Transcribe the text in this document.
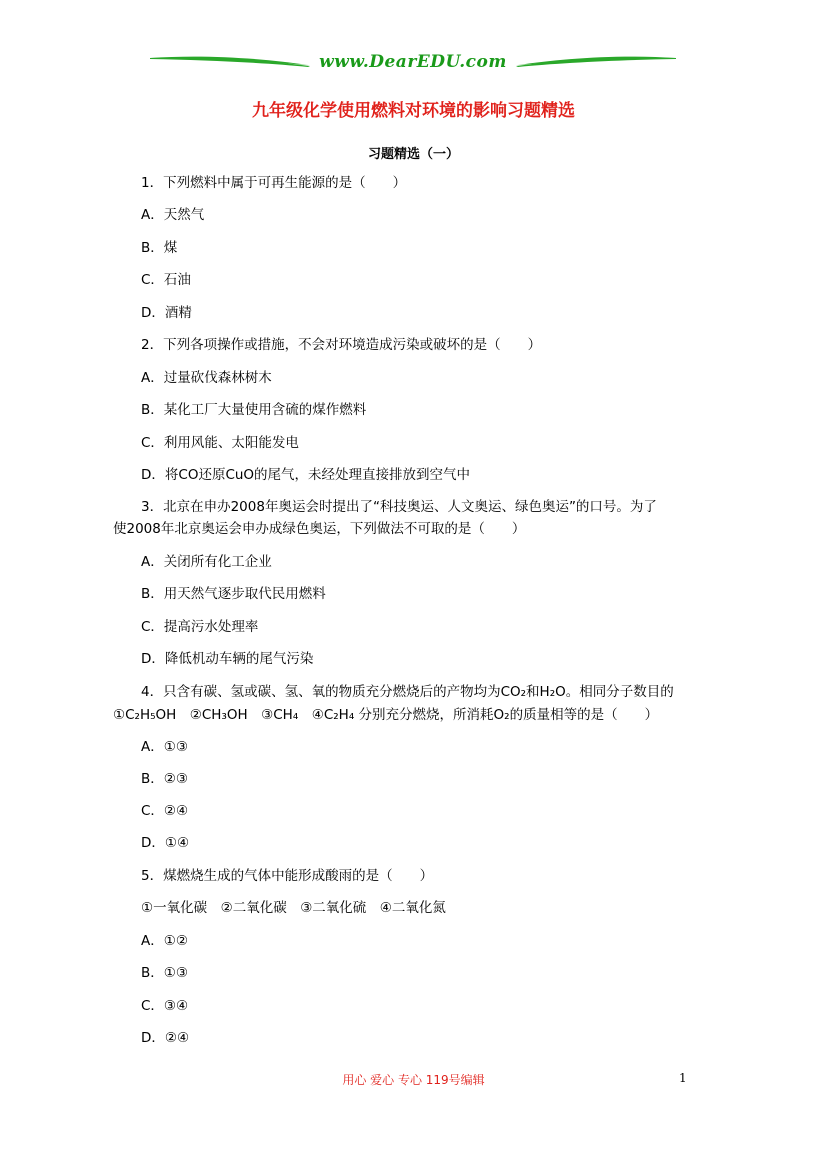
www.DearEDU.com
九年级化学使用燃料对环境的影响习题精选
习题精选（一）
1．下列燃料中属于可再生能源的是（　　）
A．天然气
B．煤
C．石油
D．酒精
2．下列各项操作或措施，不会对环境造成污染或破坏的是（　　）
A．过量砍伐森林树木
B．某化工厂大量使用含硫的煤作燃料
C．利用风能、太阳能发电
D．将CO还原CuO的尾气，未经处理直接排放到空气中
3．北京在申办2008年奥运会时提出了“科技奥运、人文奥运、绿色奥运”的口号。为了
使2008年北京奥运会申办成绿色奥运，下列做法不可取的是（　　）
A．关闭所有化工企业
B．用天然气逐步取代民用燃料
C．提高污水处理率
D．降低机动车辆的尾气污染
4．只含有碳、氢或碳、氢、氧的物质充分燃烧后的产物均为CO₂和H₂O。相同分子数目的
①C₂H₅OH　②CH₃OH　③CH₄　④C₂H₄ 分别充分燃烧，所消耗O₂的质量相等的是（　　）
A．①③
B．②③
C．②④
D．①④
5．煤燃烧生成的气体中能形成酸雨的是（　　）
①一氧化碳　②二氧化碳　③二氧化硫　④二氧化氮
A．①②
B．①③
C．③④
D．②④
用心 爱心 专心 119号编辑	1
